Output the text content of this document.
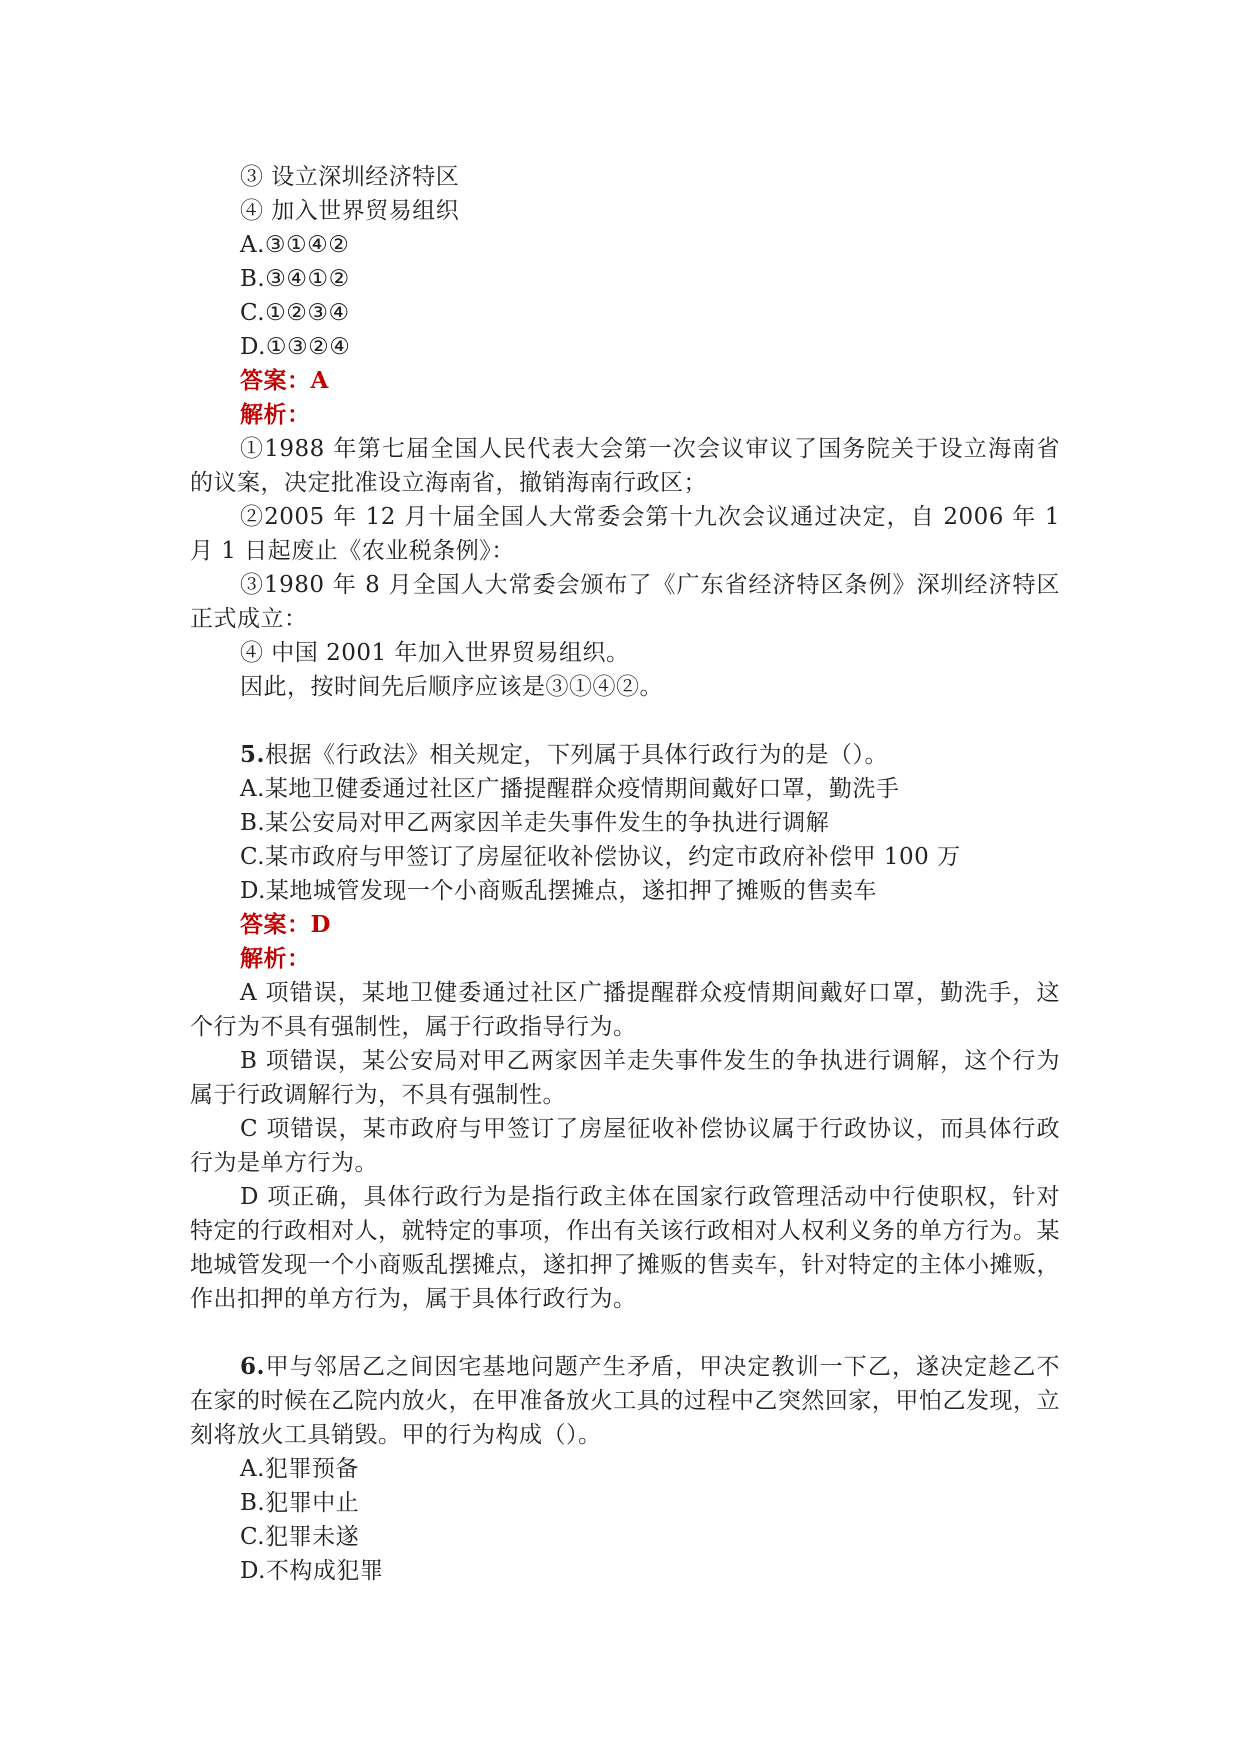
③ 设立深圳经济特区
④ 加入世界贸易组织
A.③①④②
B.③④①②
C.①②③④
D.①③②④
答案：A
解析：
①1988 年第七届全国人民代表大会第一次会议审议了国务院关于设立海南省的议案，决定批准设立海南省，撤销海南行政区；
②2005 年 12 月十届全国人大常委会第十九次会议通过决定，自 2006 年 1 月 1 日起废止《农业税条例》：
③1980 年 8 月全国人大常委会颁布了《广东省经济特区条例》深圳经济特区正式成立：
④ 中国 2001 年加入世界贸易组织。
因此，按时间先后顺序应该是③①④②。
5.根据《行政法》相关规定，下列属于具体行政行为的是（）。
A.某地卫健委通过社区广播提醒群众疫情期间戴好口罩，勤洗手
B.某公安局对甲乙两家因羊走失事件发生的争执进行调解
C.某市政府与甲签订了房屋征收补偿协议，约定市政府补偿甲 100 万
D.某地城管发现一个小商贩乱摆摊点，遂扣押了摊贩的售卖车
答案：D
解析：
A 项错误，某地卫健委通过社区广播提醒群众疫情期间戴好口罩，勤洗手，这个行为不具有强制性，属于行政指导行为。
B 项错误，某公安局对甲乙两家因羊走失事件发生的争执进行调解，这个行为属于行政调解行为，不具有强制性。
C 项错误，某市政府与甲签订了房屋征收补偿协议属于行政协议，而具体行政行为是单方行为。
D 项正确，具体行政行为是指行政主体在国家行政管理活动中行使职权，针对特定的行政相对人，就特定的事项，作出有关该行政相对人权利义务的单方行为。某地城管发现一个小商贩乱摆摊点，遂扣押了摊贩的售卖车，针对特定的主体小摊贩，作出扣押的单方行为，属于具体行政行为。
6.甲与邻居乙之间因宅基地问题产生矛盾，甲决定教训一下乙，遂决定趁乙不在家的时候在乙院内放火，在甲准备放火工具的过程中乙突然回家，甲怕乙发现，立刻将放火工具销毁。甲的行为构成（）。
A.犯罪预备
B.犯罪中止
C.犯罪未遂
D.不构成犯罪
